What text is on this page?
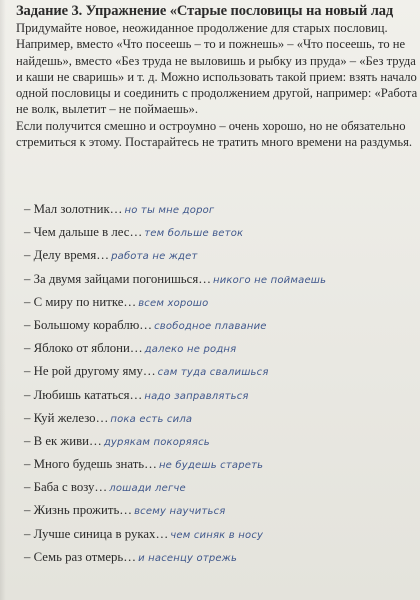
Задание 3. Упражнение «Старые пословицы на новый лад

Придумайте новое, неожиданное продолжение для старых пословиц. Например, вместо «Что посеешь – то и пожнешь» – «Что посеешь, то не найдешь», вместо «Без труда не выловишь и рыбку из пруда» – «Без труда и каши не сваришь» и т. д. Можно использовать такой прием: взять начало одной пословицы и соединить с продолжением другой, например: «Работа не волк, вылетит – не поймаешь».

Если получится смешно и остроумно – очень хорошо, но не обязательно стремиться к этому. Постарайтесь не тратить много времени на раздумья.

– Мал золотник… но ты мне дорог
– Чем дальше в лес… тем больше веток
– Делу время… работа не ждет
– За двумя зайцами погонишься… никого не поймаешь
– С миру по нитке… всем хорошо
– Большому кораблю… свободное плавание
– Яблоко от яблони… далеко не родня
– Не рой другому яму… сам туда свалишься
– Любишь кататься… надо заправляться
– Куй железо… пока есть сила
– В ек живи… дурякам покоряясь
– Много будешь знать… не будешь стареть
– Баба с возу… лошади легче
– Жизнь прожить… всему научиться
– Лучше синица в руках… чем синяк в носу
– Семь раз отмерь… и насенцу отрежь
